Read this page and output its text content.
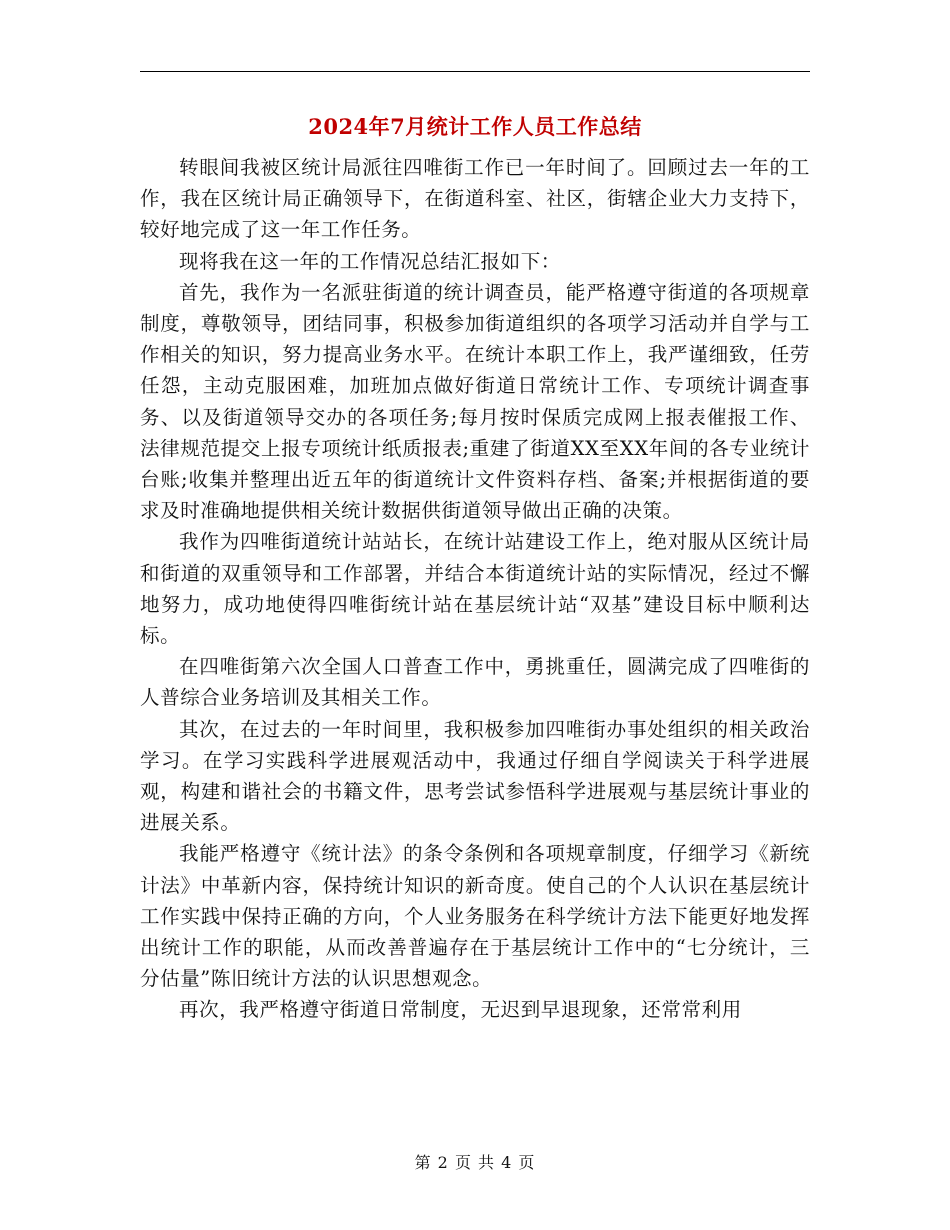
2024年7月统计工作人员工作总结

转眼间我被区统计局派往四唯街工作已一年时间了。回顾过去一年的工作，我在区统计局正确领导下，在街道科室、社区，街辖企业大力支持下，较好地完成了这一年工作任务。

现将我在这一年的工作情况总结汇报如下：

首先，我作为一名派驻街道的统计调查员，能严格遵守街道的各项规章制度，尊敬领导，团结同事，积极参加街道组织的各项学习活动并自学与工作相关的知识，努力提高业务水平。在统计本职工作上，我严谨细致，任劳任怨，主动克服困难，加班加点做好街道日常统计工作、专项统计调查事务、以及街道领导交办的各项任务;每月按时保质完成网上报表催报工作、法律规范提交上报专项统计纸质报表;重建了街道XX至XX年间的各专业统计台账;收集并整理出近五年的街道统计文件资料存档、备案;并根据街道的要求及时准确地提供相关统计数据供街道领导做出正确的决策。

我作为四唯街道统计站站长，在统计站建设工作上，绝对服从区统计局和街道的双重领导和工作部署，并结合本街道统计站的实际情况，经过不懈地努力，成功地使得四唯街统计站在基层统计站“双基”建设目标中顺利达标。

在四唯街第六次全国人口普查工作中，勇挑重任，圆满完成了四唯街的人普综合业务培训及其相关工作。

其次，在过去的一年时间里，我积极参加四唯街办事处组织的相关政治学习。在学习实践科学进展观活动中，我通过仔细自学阅读关于科学进展观，构建和谐社会的书籍文件，思考尝试参悟科学进展观与基层统计事业的进展关系。

我能严格遵守《统计法》的条令条例和各项规章制度，仔细学习《新统计法》中革新内容，保持统计知识的新奇度。使自己的个人认识在基层统计工作实践中保持正确的方向，个人业务服务在科学统计方法下能更好地发挥出统计工作的职能，从而改善普遍存在于基层统计工作中的“七分统计，三分估量”陈旧统计方法的认识思想观念。

再次，我严格遵守街道日常制度，无迟到早退现象，还常常利用

第 2 页 共 4 页
